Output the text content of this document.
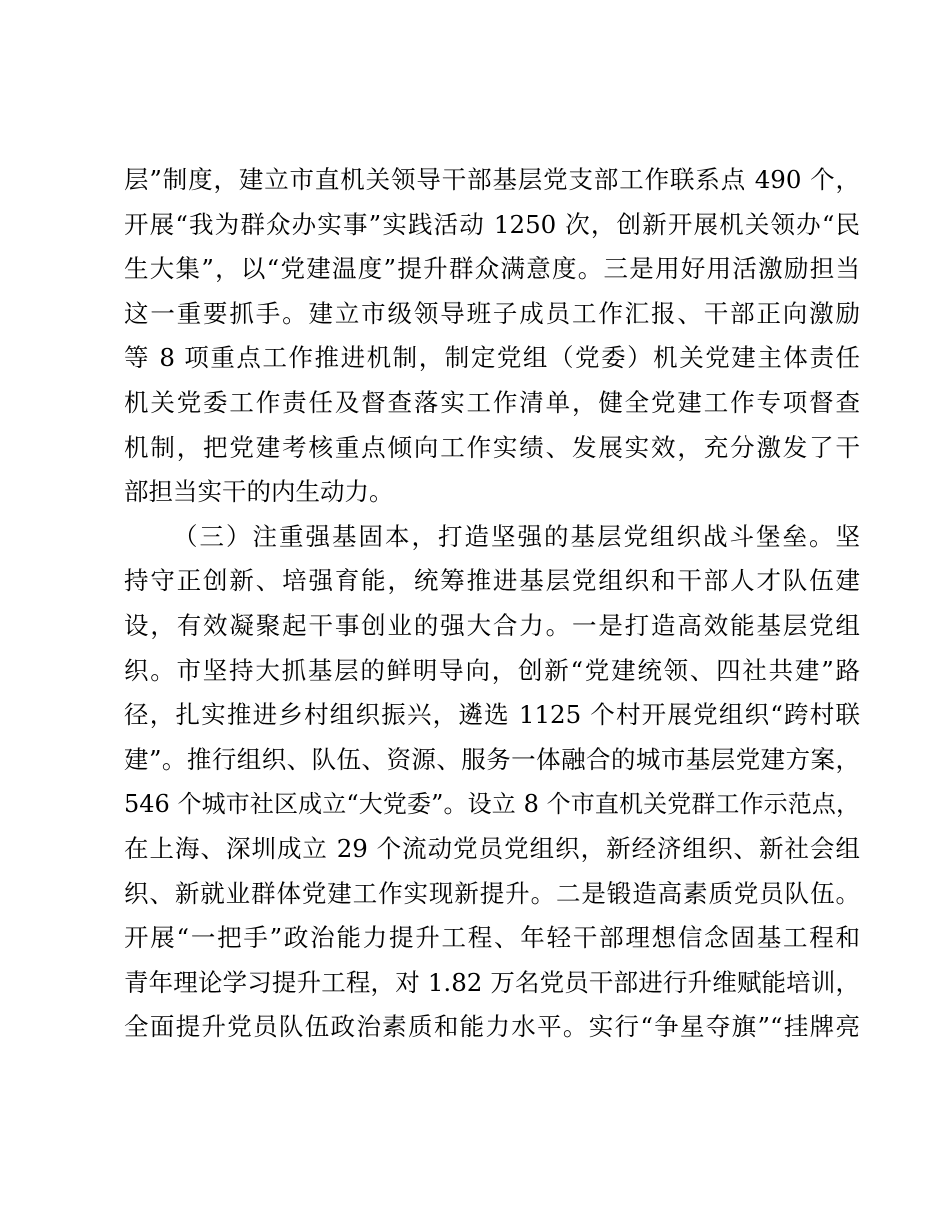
层”制度，建立市直机关领导干部基层党支部工作联系点 490 个，
开展“我为群众办实事”实践活动 1250 次，创新开展机关领办“民
生大集”，以“党建温度”提升群众满意度。三是用好用活激励担当
这一重要抓手。建立市级领导班子成员工作汇报、干部正向激励
等 8 项重点工作推进机制，制定党组（党委）机关党建主体责任
机关党委工作责任及督查落实工作清单，健全党建工作专项督查
机制，把党建考核重点倾向工作实绩、发展实效，充分激发了干
部担当实干的内生动力。
（三）注重强基固本，打造坚强的基层党组织战斗堡垒。坚
持守正创新、培强育能，统筹推进基层党组织和干部人才队伍建
设，有效凝聚起干事创业的强大合力。一是打造高效能基层党组
织。市坚持大抓基层的鲜明导向，创新“党建统领、四社共建”路
径，扎实推进乡村组织振兴，遴选 1125 个村开展党组织“跨村联
建”。推行组织、队伍、资源、服务一体融合的城市基层党建方案，
546 个城市社区成立“大党委”。设立 8 个市直机关党群工作示范点，
在上海、深圳成立 29 个流动党员党组织，新经济组织、新社会组
织、新就业群体党建工作实现新提升。二是锻造高素质党员队伍。
开展“一把手”政治能力提升工程、年轻干部理想信念固基工程和
青年理论学习提升工程，对 1.82 万名党员干部进行升维赋能培训，
全面提升党员队伍政治素质和能力水平。实行“争星夺旗”“挂牌亮
